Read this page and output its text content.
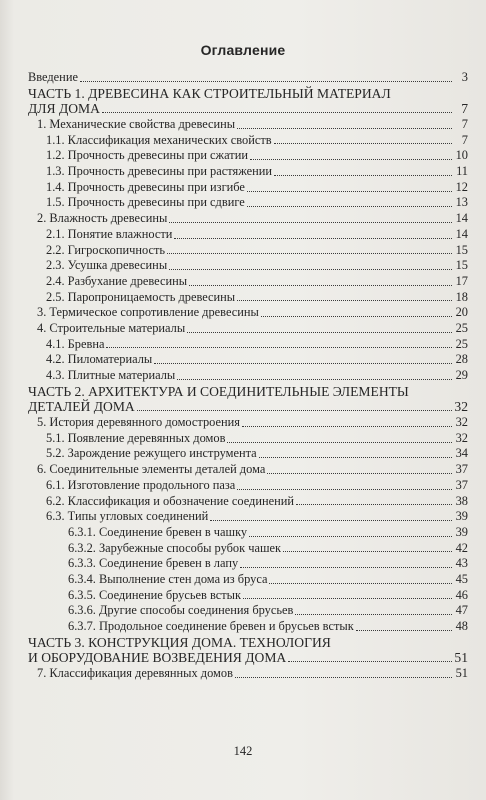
Оглавление
Введение	3
ЧАСТЬ 1. ДРЕВЕСИНА КАК СТРОИТЕЛЬНЫЙ МАТЕРИАЛ
ДЛЯ ДОМА	7
1. Механические свойства древесины	7
1.1. Классификация механических свойств	7
1.2. Прочность древесины при сжатии	10
1.3. Прочность древесины при растяжении	11
1.4. Прочность древесины при изгибе	12
1.5. Прочность древесины при сдвиге	13
2. Влажность древесины	14
2.1. Понятие влажности	14
2.2. Гигроскопичность	15
2.3. Усушка древесины	15
2.4. Разбухание древесины	17
2.5. Паропроницаемость древесины	18
3. Термическое сопротивление древесины	20
4. Строительные материалы	25
4.1. Бревна	25
4.2. Пиломатериалы	28
4.3. Плитные материалы	29
ЧАСТЬ 2. АРХИТЕКТУРА И СОЕДИНИТЕЛЬНЫЕ ЭЛЕМЕНТЫ
ДЕТАЛЕЙ ДОМА	32
5. История деревянного домостроения	32
5.1. Появление деревянных домов	32
5.2. Зарождение режущего инструмента	34
6. Соединительные элементы деталей дома	37
6.1. Изготовление продольного паза	37
6.2. Классификация и обозначение соединений	38
6.3. Типы угловых соединений	39
6.3.1. Соединение бревен в чашку	39
6.3.2. Зарубежные способы рубок чашек	42
6.3.3. Соединение бревен в лапу	43
6.3.4. Выполнение стен дома из бруса	45
6.3.5. Соединение брусьев встык	46
6.3.6. Другие способы соединения брусьев	47
6.3.7. Продольное соединение бревен и брусьев встык	48
ЧАСТЬ 3. КОНСТРУКЦИЯ ДОМА. ТЕХНОЛОГИЯ
И ОБОРУДОВАНИЕ ВОЗВЕДЕНИЯ ДОМА	51
7. Классификация деревянных домов	51
142
